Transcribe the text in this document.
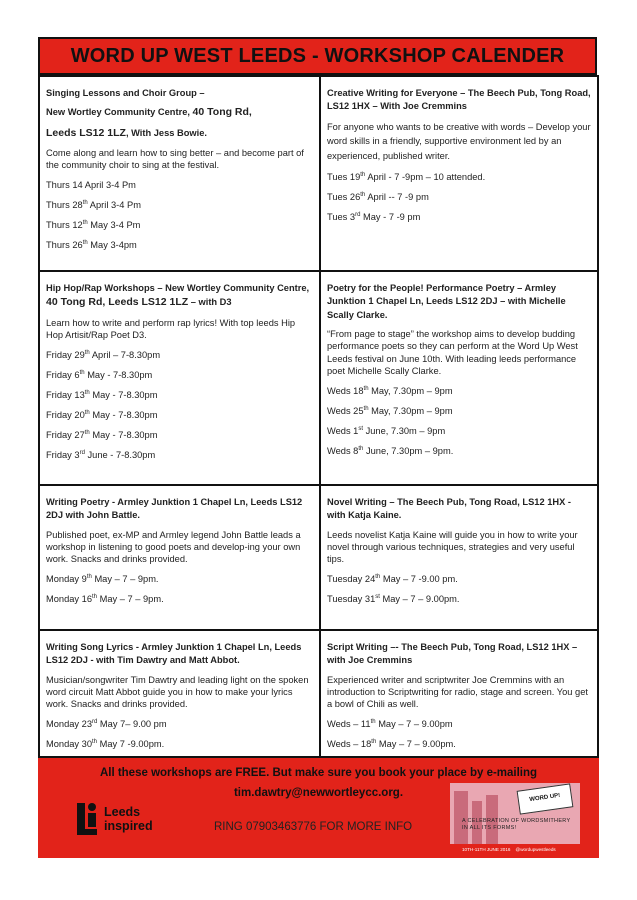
WORD UP WEST LEEDS - WORKSHOP CALENDER
Singing Lessons and Choir Group –
New Wortley Community Centre, 40 Tong Rd,
Leeds LS12 1LZ, With Jess Bowie.
Come along and learn how to sing better – and become part of the community choir to sing at the festival.
Thurs 14 April 3-4 Pm
Thurs 28th April 3-4 Pm
Thurs 12th May 3-4 Pm
Thurs 26th May 3-4pm
Creative Writing for Everyone – The Beech Pub, Tong Road, LS12 1HX – With Joe Cremmins
For anyone who wants to be creative with words – Develop your word skills in a friendly, supportive environment led by an experienced, published writer.
Tues 19th April - 7 -9pm – 10 attended.
Tues 26th April -- 7 -9 pm
Tues 3rd May - 7 -9 pm
Hip Hop/Rap Workshops – New Wortley Community Centre, 40 Tong Rd, Leeds LS12 1LZ – with D3
Learn how to write and perform rap lyrics! With top leeds Hip Hop Artisit/Rap Poet D3.
Friday 29th April – 7-8.30pm
Friday 6th May - 7-8.30pm
Friday 13th May - 7-8.30pm
Friday 20th May - 7-8.30pm
Friday 27th May - 7-8.30pm
Friday 3rd June - 7-8.30pm
Poetry for the People! Performance Poetry – Armley Junktion 1 Chapel Ln, Leeds LS12 2DJ – with Michelle Scally Clarke.
“From page to stage” the workshop aims to develop budding performance poets so they can perform at the Word Up West Leeds festival on June 10th. With leading leeds performance poet Michelle Scally Clarke.
Weds 18th May, 7.30pm – 9pm
Weds 25th May, 7.30pm – 9pm
Weds 1st June, 7.30m – 9pm
Weds 8th June, 7.30pm – 9pm.
Writing Poetry - Armley Junktion 1 Chapel Ln, Leeds LS12 2DJ with John Battle.
Published poet, ex-MP and Armley legend John Battle leads a workshop in listening to good poets and develop-ing your own work. Snacks and drinks provided.
Monday 9th May – 7 – 9pm.
Monday 16th May – 7 – 9pm.
Novel Writing – The Beech Pub, Tong Road, LS12 1HX - with Katja Kaine.
Leeds novelist Katja Kaine will guide you in how to write your novel through various techniques, strategies and very useful tips.
Tuesday 24th May – 7 -9.00 pm.
Tuesday 31st May – 7 – 9.00pm.
Writing Song Lyrics - Armley Junktion 1 Chapel Ln, Leeds LS12 2DJ - with Tim Dawtry and Matt Abbot.
Musician/songwriter Tim Dawtry and leading light on the spoken word circuit Matt Abbot guide you in how to make your lyrics work. Snacks and drinks provided.
Monday 23rd May 7– 9.00 pm
Monday 30th May 7 -9.00pm.
Script Writing –- The Beech Pub, Tong Road, LS12 1HX – with Joe Cremmins
Experienced writer and scriptwriter Joe Cremmins with an introduction to Scriptwriting for radio, stage and screen. You get a bowl of Chili as well.
Weds – 11th May – 7 – 9.00pm
Weds – 18th May – 7 – 9.00pm.
All these workshops are FREE. But make sure you book your place by e-mailing
tim.dawtry@newwortleycc.org.
RING 07903463776 FOR MORE INFO
Leeds
inspired
WORD UP!
A CELEBRATION OF WORDSMITHERY IN ALL ITS FORMS!
10TH-11TH JUNE 2016 @wordupwestleeds
